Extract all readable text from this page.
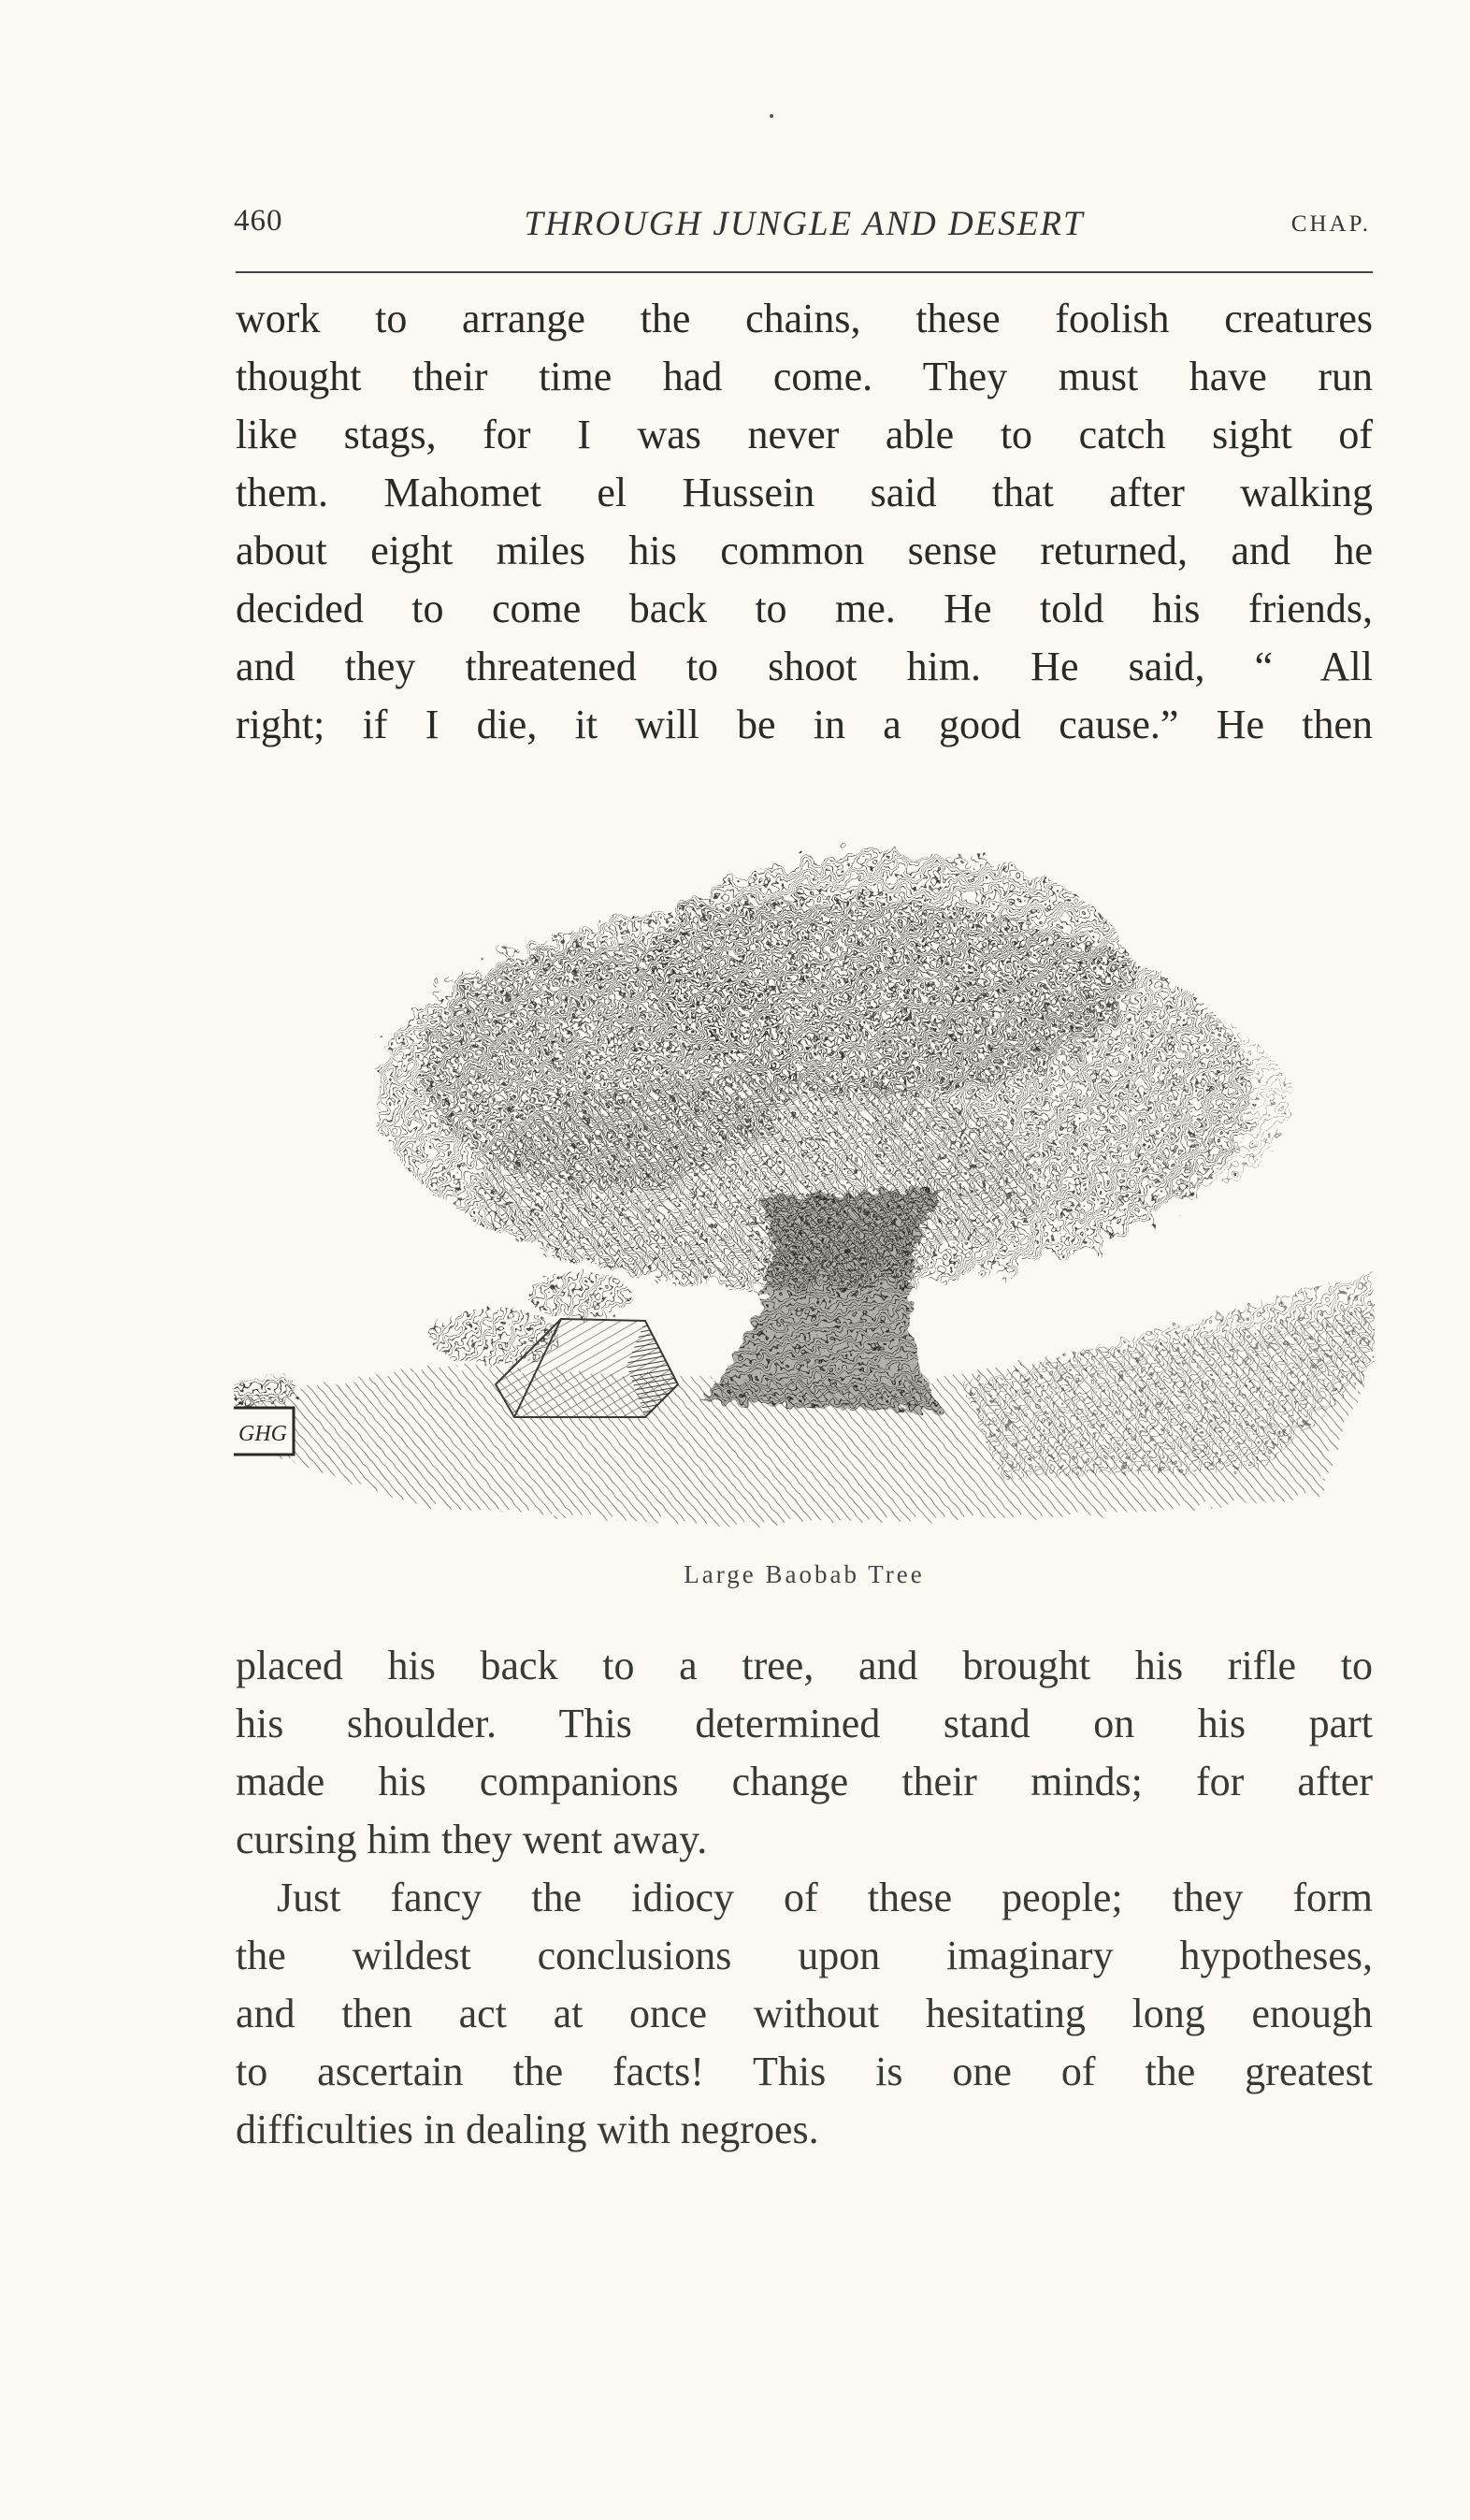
460	THROUGH JUNGLE AND DESERT	CHAP.
work to arrange the chains, these foolish creatures
thought their time had come. They must have run
like stags, for I was never able to catch sight of
them. Mahomet el Hussein said that after walking
about eight miles his common sense returned, and he
decided to come back to me. He told his friends,
and they threatened to shoot him. He said, “ All
right; if I die, it will be in a good cause.” He then
GHG
Large Baobab Tree
placed his back to a tree, and brought his rifle to
his shoulder. This determined stand on his part
made his companions change their minds; for after
cursing him they went away.
Just fancy the idiocy of these people; they form
the wildest conclusions upon imaginary hypotheses,
and then act at once without hesitating long enough
to ascertain the facts! This is one of the greatest
difficulties in dealing with negroes.
